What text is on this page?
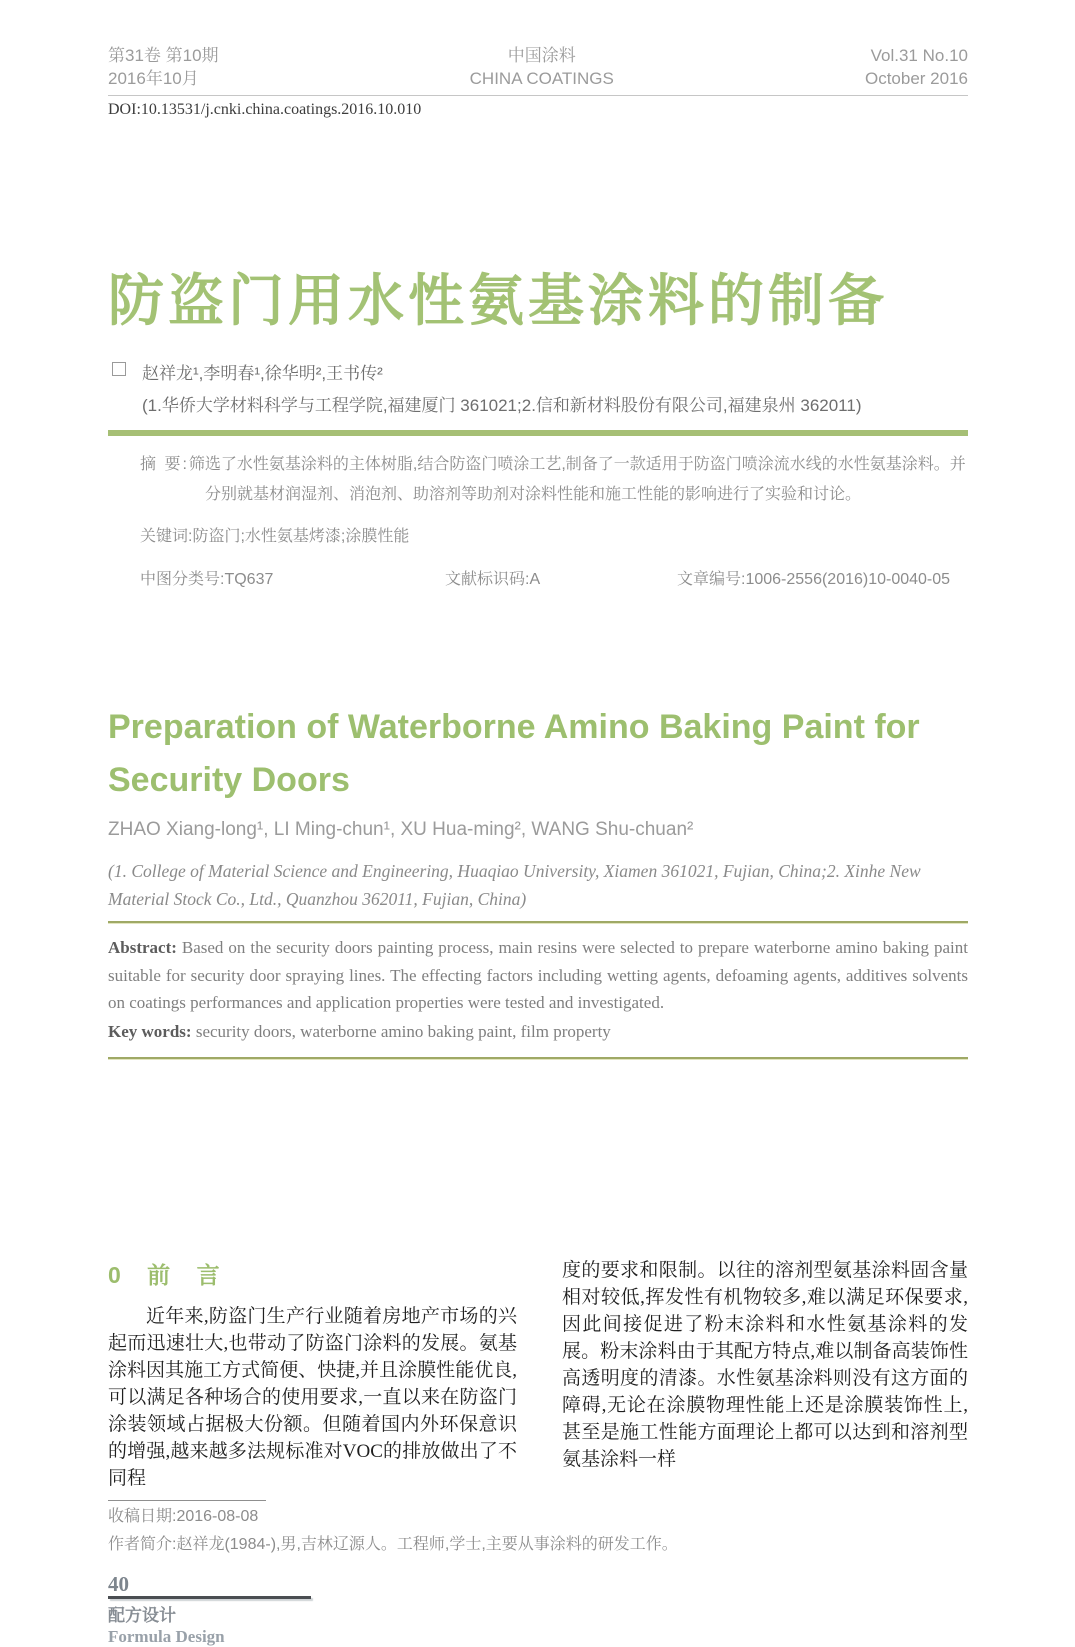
第31卷 第10期
2016年10月
中国涂料
CHINA COATINGS
Vol.31 No.10
October 2016
DOI:10.13531/j.cnki.china.coatings.2016.10.010
防盗门用水性氨基涂料的制备
赵祥龙¹,李明春¹,徐华明²,王书传²
(1.华侨大学材料科学与工程学院,福建厦门 361021;2.信和新材料股份有限公司,福建泉州 362011)
摘 要:筛选了水性氨基涂料的主体树脂,结合防盗门喷涂工艺,制备了一款适用于防盗门喷涂流水线的水性氨基涂料。并分别就基材润湿剂、消泡剂、助溶剂等助剂对涂料性能和施工性能的影响进行了实验和讨论。
关键词:防盗门;水性氨基烤漆;涂膜性能
中图分类号:TQ637	文献标识码:A	文章编号:1006-2556(2016)10-0040-05
Preparation of Waterborne Amino Baking Paint for Security Doors
ZHAO Xiang-long¹, LI Ming-chun¹, XU Hua-ming², WANG Shu-chuan²
(1. College of Material Science and Engineering, Huaqiao University, Xiamen 361021, Fujian, China;2. Xinhe New Material Stock Co., Ltd., Quanzhou 362011, Fujian, China)
Abstract: Based on the security doors painting process, main resins were selected to prepare waterborne amino baking paint suitable for security door spraying lines. The effecting factors including wetting agents, defoaming agents, additives solvents on coatings performances and application properties were tested and investigated.
Key words: security doors, waterborne amino baking paint, film property

0 前 言

近年来,防盗门生产行业随着房地产市场的兴起而迅速壮大,也带动了防盗门涂料的发展。氨基涂料因其施工方式简便、快捷,并且涂膜性能优良,可以满足各种场合的使用要求,一直以来在防盗门涂装领域占据极大份额。但随着国内外环保意识的增强,越来越多法规标准对VOC的排放做出了不同程

度的要求和限制。以往的溶剂型氨基涂料固含量相对较低,挥发性有机物较多,难以满足环保要求,因此间接促进了粉末涂料和水性氨基涂料的发展。粉末涂料由于其配方特点,难以制备高装饰性高透明度的清漆。水性氨基涂料则没有这方面的障碍,无论在涂膜物理性能上还是涂膜装饰性上,甚至是施工性能方面理论上都可以达到和溶剂型氨基涂料一样

收稿日期:2016-08-08

作者简介:赵祥龙(1984-),男,吉林辽源人。工程师,学士,主要从事涂料的研发工作。

40
配方设计
Formula Design
